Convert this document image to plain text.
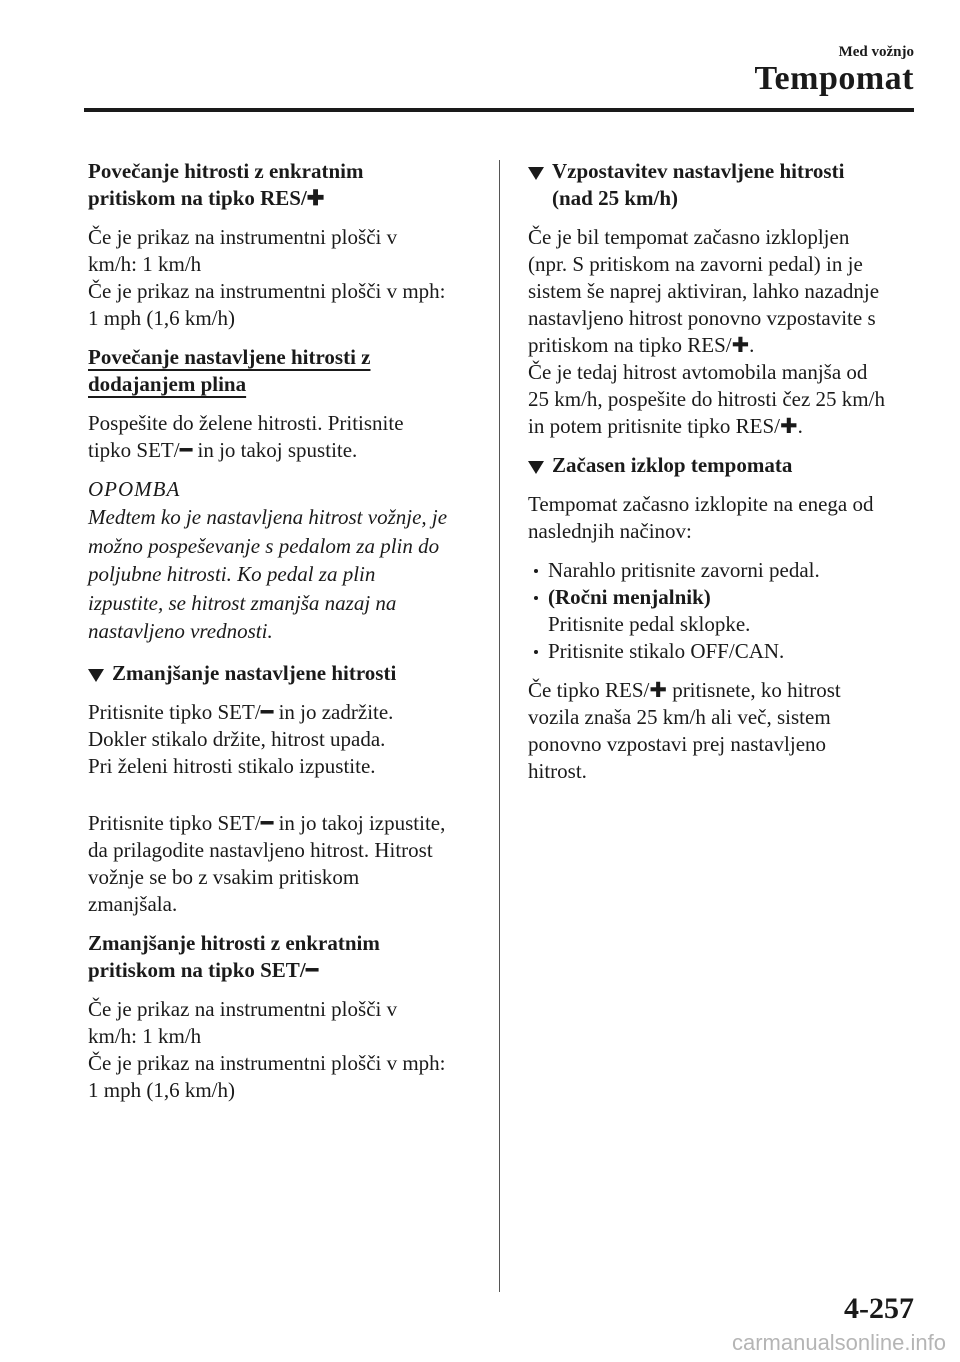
Med vožnjo
Tempomat
Povečanje hitrosti z enkratnim
pritiskom na tipko RES/✚
Če je prikaz na instrumentni plošči v
km/h: 1 km/h
Če je prikaz na instrumentni plošči v mph:
1 mph (1,6 km/h)
Povečanje nastavljene hitrosti z
dodajanjem plina
Pospešite do želene hitrosti. Pritisnite
tipko SET/━ in jo takoj spustite.
OPOMBA
Medtem ko je nastavljena hitrost vožnje, je
možno pospeševanje s pedalom za plin do
poljubne hitrosti. Ko pedal za plin
izpustite, se hitrost zmanjša nazaj na
nastavljeno vrednosti.
Zmanjšanje nastavljene hitrosti
Pritisnite tipko SET/━ in jo zadržite.
Dokler stikalo držite, hitrost upada.
Pri želeni hitrosti stikalo izpustite.
Pritisnite tipko SET/━ in jo takoj izpustite,
da prilagodite nastavljeno hitrost. Hitrost
vožnje se bo z vsakim pritiskom
zmanjšala.
Zmanjšanje hitrosti z enkratnim
pritiskom na tipko SET/━
Če je prikaz na instrumentni plošči v
km/h: 1 km/h
Če je prikaz na instrumentni plošči v mph:
1 mph (1,6 km/h)
Vzpostavitev nastavljene hitrosti
(nad 25 km/h)
Če je bil tempomat začasno izklopljen
(npr. S pritiskom na zavorni pedal) in je
sistem še naprej aktiviran, lahko nazadnje
nastavljeno hitrost ponovno vzpostavite s
pritiskom na tipko RES/✚.
Če je tedaj hitrost avtomobila manjša od
25 km/h, pospešite do hitrosti čez 25 km/h
in potem pritisnite tipko RES/✚.
Začasen izklop tempomata
Tempomat začasno izklopite na enega od
naslednjih načinov:
Narahlo pritisnite zavorni pedal.
(Ročni menjalnik)
Pritisnite pedal sklopke.
Pritisnite stikalo OFF/CAN.
Če tipko RES/✚ pritisnete, ko hitrost
vozila znaša 25 km/h ali več, sistem
ponovno vzpostavi prej nastavljeno
hitrost.
4-257
carmanualsonline.info
